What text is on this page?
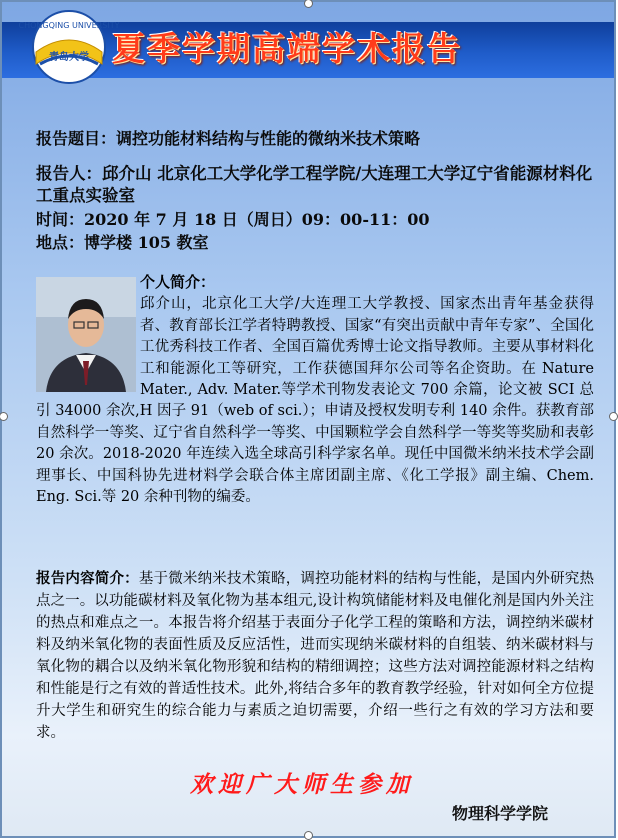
CHONGQING UNIVERSITY
青岛大学 夏季学期高端学术报告
报告题目：调控功能材料结构与性能的微纳米技术策略
报告人：邱介山 北京化工大学化学工程学院/大连理工大学辽宁省能源材料化工重点实验室
时间：2020 年 7 月 18 日（周日）09：00-11：00
地点：博学楼 105 教室
个人简介：
邱介山，北京化工大学/大连理工大学教授、国家杰出青年基金获得者、教育部长江学者特聘教授、国家“有突出贡献中青年专家”、全国化工优秀科技工作者、全国百篇优秀博士论文指导教师。主要从事材料化工和能源化工等研究，工作获德国拜尔公司等名企资助。在 Nature Mater., Adv. Mater.等学术刊物发表论文 700 余篇，论文被 SCI 总引 34000 余次,H 因子 91（web of sci.）；申请及授权发明专利 140 余件。获教育部自然科学一等奖、辽宁省自然科学一等奖、中国颗粒学会自然科学一等奖等奖励和表彰 20 余次。2018-2020 年连续入选全球高引科学家名单。现任中国微米纳米技术学会副理事长、中国科协先进材料学会联合体主席团副主席、《化工学报》副主编、Chem. Eng. Sci.等 20 余种刊物的编委。
报告内容简介：基于微米纳米技术策略，调控功能材料的结构与性能，是国内外研究热点之一。以功能碳材料及氧化物为基本组元,设计构筑储能材料及电催化剂是国内外关注的热点和难点之一。本报告将介绍基于表面分子化学工程的策略和方法，调控纳米碳材料及纳米氧化物的表面性质及反应活性，进而实现纳米碳材料的自组装、纳米碳材料与氧化物的耦合以及纳米氧化物形貌和结构的精细调控；这些方法对调控能源材料之结构和性能是行之有效的普适性技术。此外,将结合多年的教育教学经验，针对如何全方位提升大学生和研究生的综合能力与素质之迫切需要，介绍一些行之有效的学习方法和要求。
欢迎广大师生参加
物理科学学院
